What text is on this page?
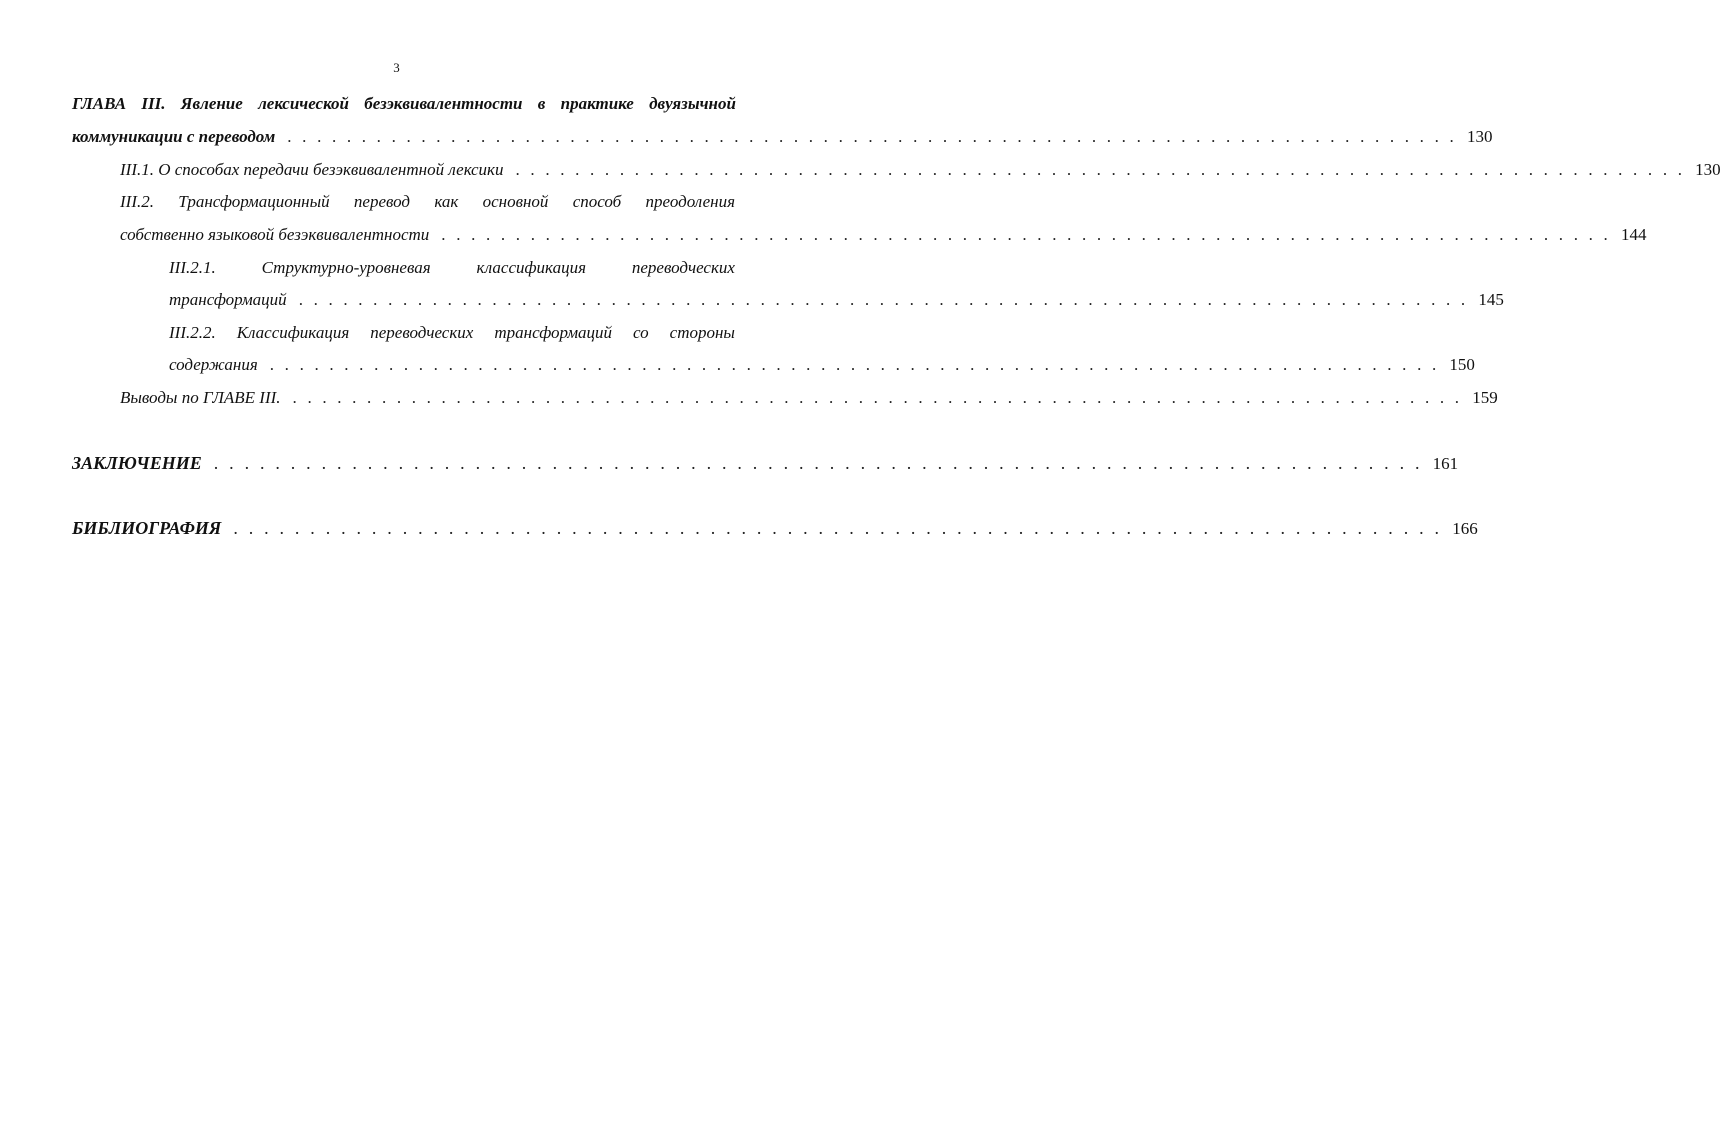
3
ГЛАВА III. Явление лексической безэквивалентности в практике двуязычной
коммуникации с переводом . . . . . . . . . . . . . . . . . . . . . . . . . . . . . . . . . . . . . . . . . . . . . . . . . . . . . . . . . . . . . . . . . . . . . . . . . . . . . . . 130
III.1. О способах передачи безэквивалентной лексики . . . . . . . . . . . . . . . . . . . . . . . . . . . . . . . . . . . . . . . . . . . . . . . . . . . . . . . . . . . . . . . . . . . . . . . . . . . . . . . 130
III.2. Трансформационный перевод как основной способ преодоления
собственно языковой безэквивалентности . . . . . . . . . . . . . . . . . . . . . . . . . . . . . . . . . . . . . . . . . . . . . . . . . . . . . . . . . . . . . . . . . . . . . . . . . . . . . . . 144
III.2.1.	Структурно-уровневая	классификация	переводческих
трансформаций . . . . . . . . . . . . . . . . . . . . . . . . . . . . . . . . . . . . . . . . . . . . . . . . . . . . . . . . . . . . . . . . . . . . . . . . . . . . . . . 145
III.2.2. Классификация переводческих трансформаций со стороны
содержания . . . . . . . . . . . . . . . . . . . . . . . . . . . . . . . . . . . . . . . . . . . . . . . . . . . . . . . . . . . . . . . . . . . . . . . . . . . . . . . 150
Выводы по ГЛАВЕ III. . . . . . . . . . . . . . . . . . . . . . . . . . . . . . . . . . . . . . . . . . . . . . . . . . . . . . . . . . . . . . . . . . . . . . . . . . . . . . . . 159
ЗАКЛЮЧЕНИЕ . . . . . . . . . . . . . . . . . . . . . . . . . . . . . . . . . . . . . . . . . . . . . . . . . . . . . . . . . . . . . . . . . . . . . . . . . . . . . . . 161
БИБЛИОГРАФИЯ . . . . . . . . . . . . . . . . . . . . . . . . . . . . . . . . . . . . . . . . . . . . . . . . . . . . . . . . . . . . . . . . . . . . . . . . . . . . . . . 166
